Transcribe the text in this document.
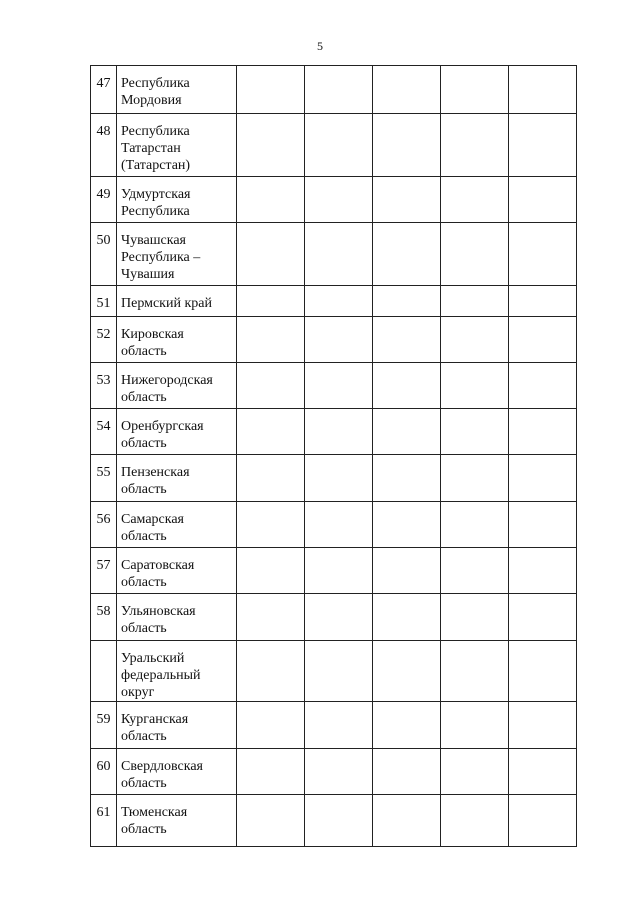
5
47	Республика
Мордовия					
48	Республика
Татарстан
(Татарстан)					
49	Удмуртская
Республика					
50	Чувашская
Республика –
Чувашия					
51	Пермский край					
52	Кировская
область					
53	Нижегородская
область					
54	Оренбургская
область					
55	Пензенская
область					
56	Самарская
область					
57	Саратовская
область					
58	Ульяновская
область					
	Уральский
федеральный
округ					
59	Курганская
область					
60	Свердловская
область					
61	Тюменская
область					
